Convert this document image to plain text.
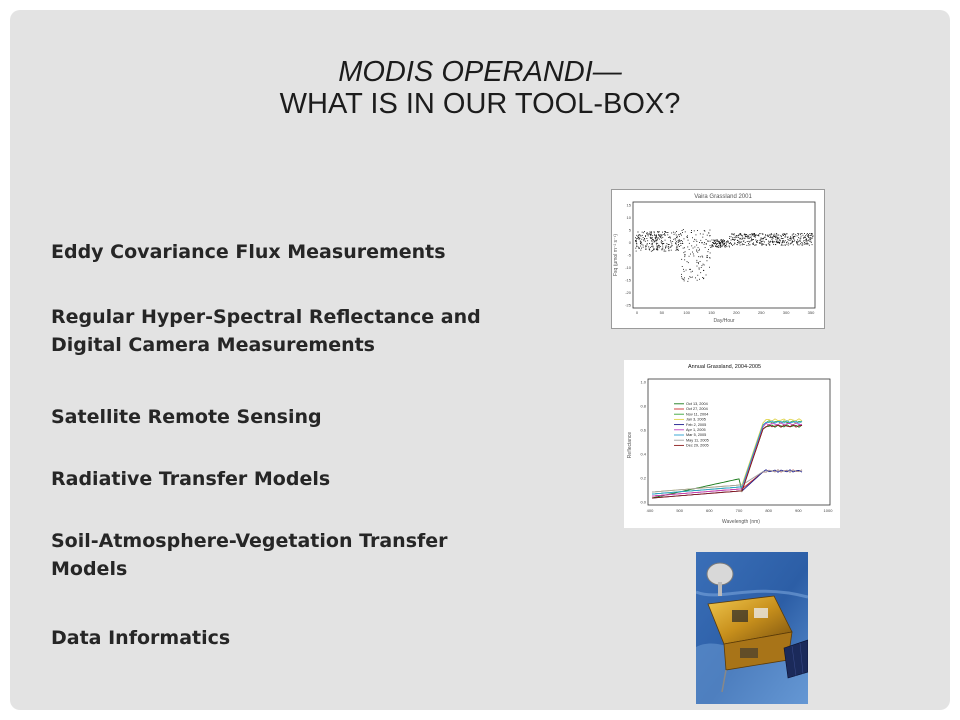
MODIS OPERANDI—
WHAT IS IN OUR TOOL-BOX?
Eddy Covariance Flux Measurements
Regular Hyper-Spectral Reflectance and
Digital Camera Measurements
Satellite Remote Sensing
Radiative Transfer Models
Soil-Atmosphere-Vegetation Transfer
Models
Data Informatics
Vaira Grassland 2001
15
10
5
0
-5
-10
-15
-20
-25
0	50	100	150	200	250	300	350
Day/Hour
Fsq (μmol m⁻² s⁻¹)
Annual Grassland, 2004-2005
1.0
0.8
0.6
0.4
0.2
0.0
400	500	600	700	800	900	1000
Oct 13, 2004
Oct 27, 2004
Nov 11, 2004
Jan 3, 2005
Feb 2, 2005
Apr 1, 2005
Mar 5, 2005
May 11, 2005
Dec 29, 2005
Wavelength (nm)
Reflectance
